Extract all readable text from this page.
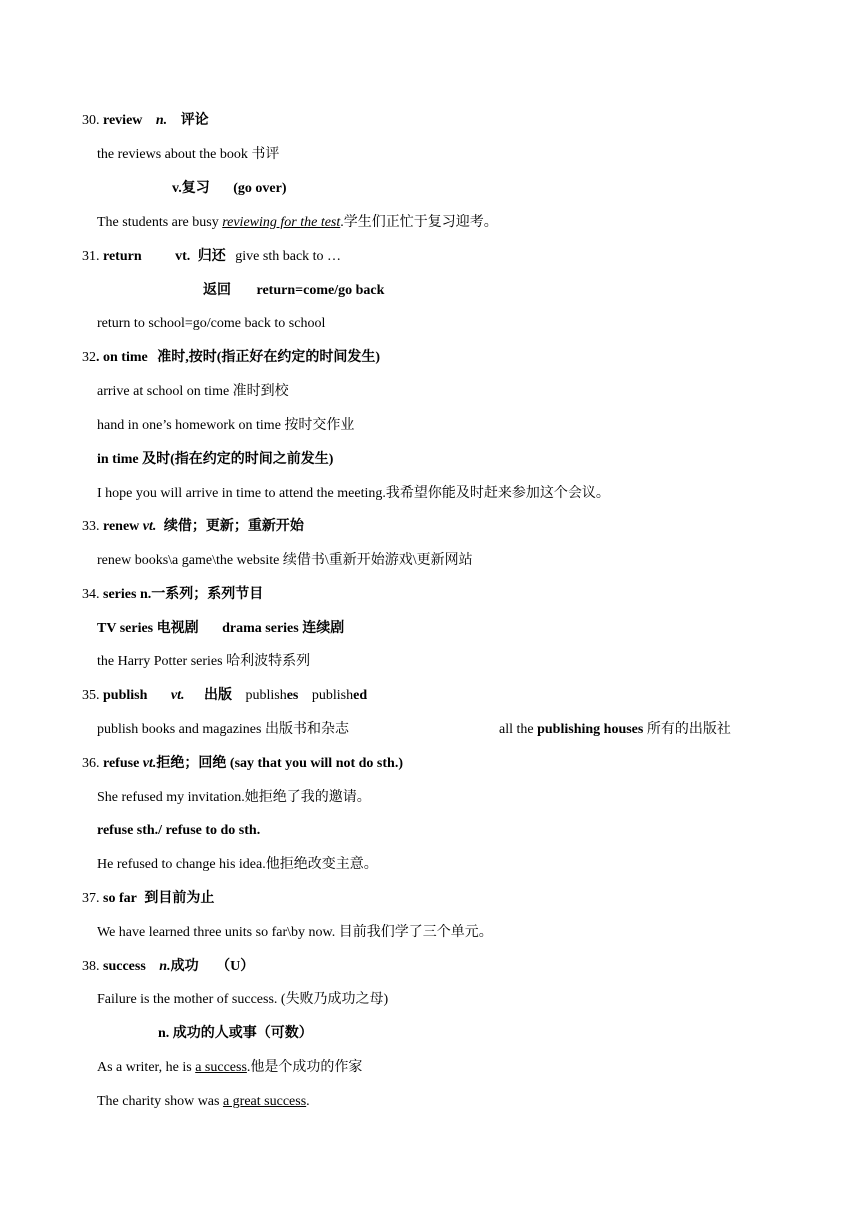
30. review n. 评论
the reviews about the book 书评
v.复习 (go over)
The students are busy reviewing for the test.学生们正忙于复习迎考。
31. return vt. 归还 give sth back to …
返回 return=come/go back
return to school=go/come back to school
32. on time 准时,按时(指正好在约定的时间发生)
arrive at school on time 准时到校
hand in one’s homework on time 按时交作业
in time 及时(指在约定的时间之前发生)
I hope you will arrive in time to attend the meeting.我希望你能及时赶来参加这个会议。
33. renew vt. 续借；更新；重新开始
renew books\a game\the website 续借书\重新开始游戏\更新网站
34. series n.一系列；系列节目
TV series 电视剧 drama series 连续剧
the Harry Potter series 哈利波特系列
35. publish vt. 出版 publishes published
publish books and magazines 出版书和杂志	all the publishing houses 所有的出版社
36. refuse vt.拒绝；回绝 (say that you will not do sth.)
She refused my invitation.她拒绝了我的邀请。
refuse sth./ refuse to do sth.
He refused to change his idea.他拒绝改变主意。
37. so far 到目前为止
We have learned three units so far\by now. 目前我们学了三个单元。
38. success n.成功 （U）
Failure is the mother of success. (失败乃成功之母)
n. 成功的人或事（可数）
As a writer, he is a success.他是个成功的作家
The charity show was a great success.
